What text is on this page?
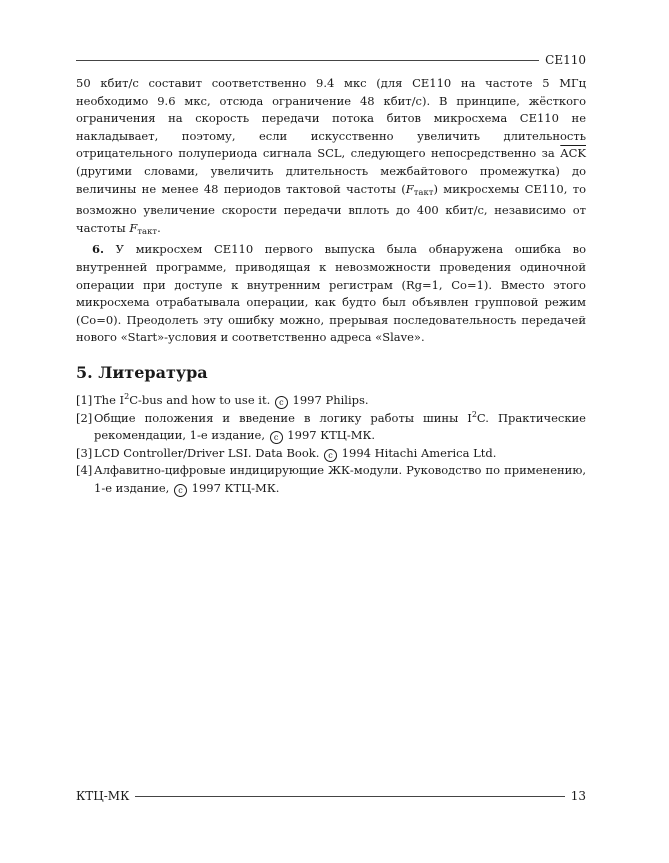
CE110

50 кбит/с составит соответственно 9.4 мкс (для CE110 на частоте 5 МГц необходимо 9.6 мкс, отсюда ограничение 48 кбит/с). В принципе, жёсткого ограничения на скорость передачи потока битов микросхема CE110 не накладывает, поэтому, если искусственно увеличить длительность отрицательного полупериода сигнала SCL, следующего непосредственно за $\overline{ACK}$ (другими словами, увеличить длительность межбайтового промежутка) до величины не менее 48 периодов тактовой частоты $(F_{такт})$ микросхемы CE110, то возможно увеличение скорости передачи вплоть до 400 кбит/с, независимо от частоты $F_{такт}$.

6. У микросхем CE110 первого выпуска была обнаружена ошибка во внутренней программе, приводящая к невозможности проведения одиночной операции при доступе к внутренним регистрам (Rg=1, Co=1). Вместо этого микросхема отрабатывала операции, как будто был объявлен групповой режим (Co=0). Преодолеть эту ошибку можно, прерывая последовательность передачей нового «Start»-условия и соответственно адреса «Slave».

5. Литература
[1] The $I^2C$-bus and how to use it. c 1997 Philips.
[2] Общие положения и введение в логику работы шины $I^2C$. Практические рекомендации, 1-е издание, c 1997 КТЦ-МК.
[3] LCD Controller/Driver LSI. Data Book. c 1994 Hitachi America Ltd.
[4] Алфавитно-цифровые индицирующие ЖК-модули. Руководство по применению, 1-е издание, c 1997 КТЦ-МК.
КТЦ-МК	13
